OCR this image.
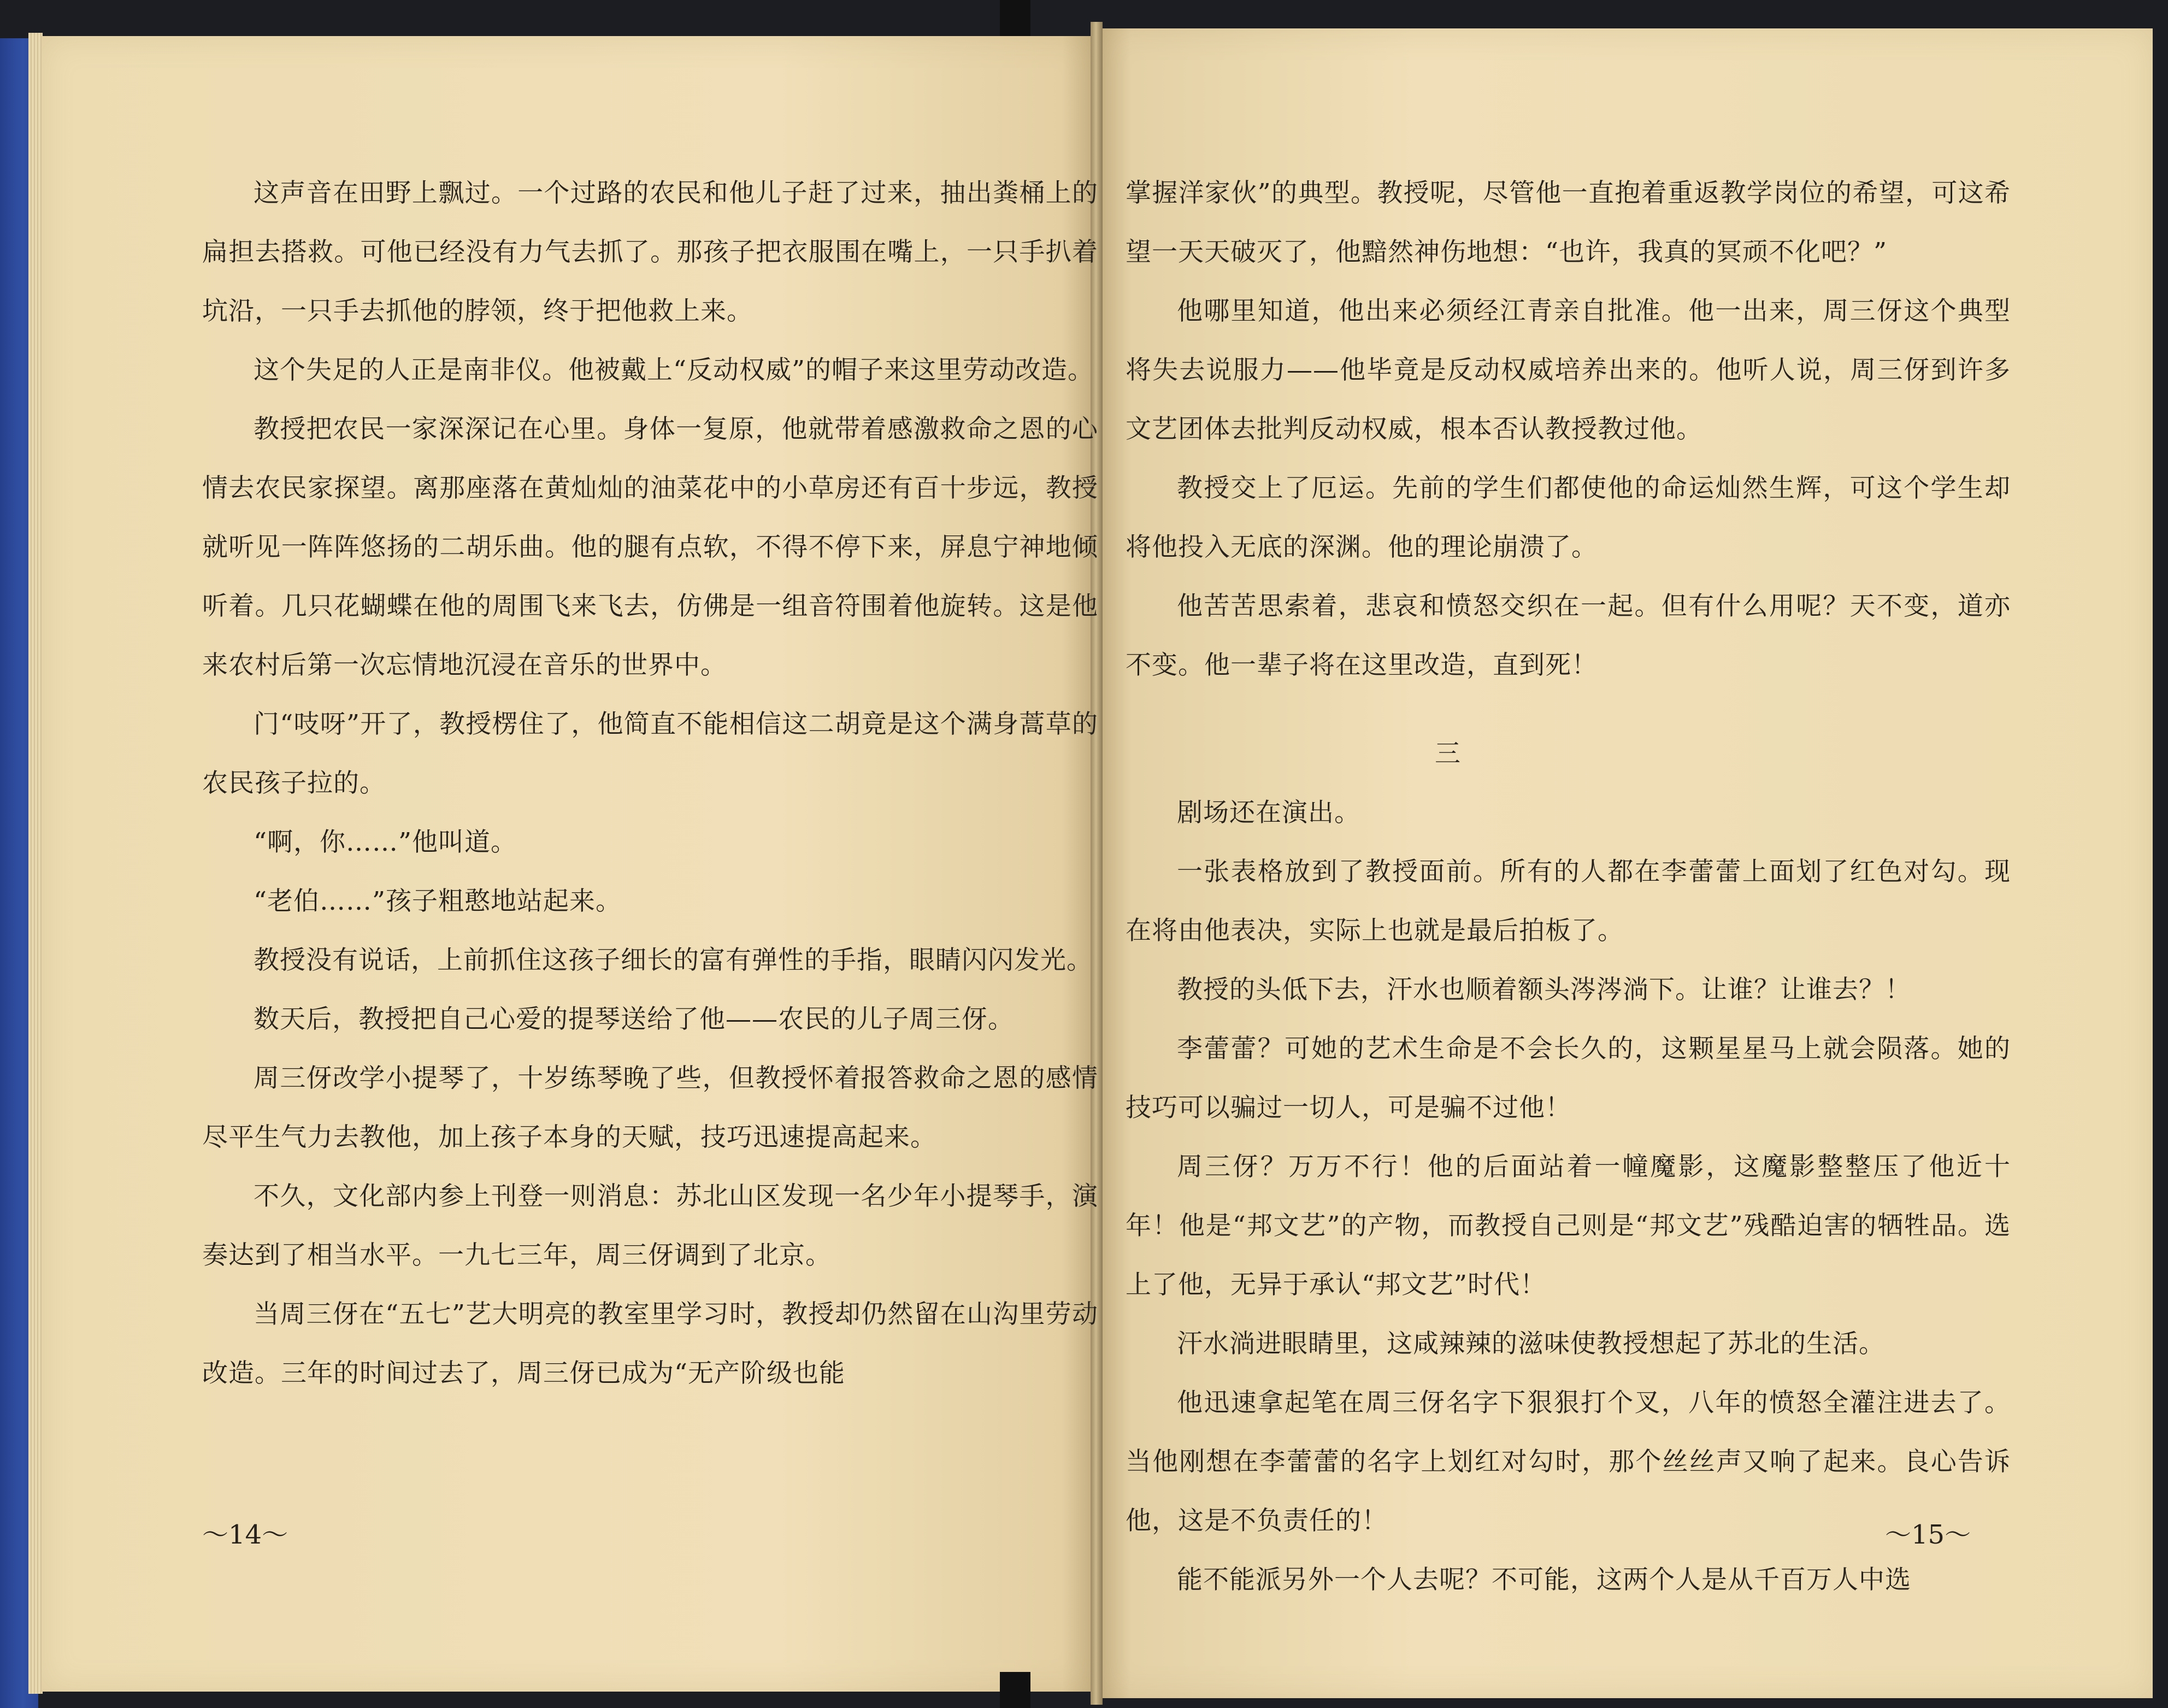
这声音在田野上飘过。一个过路的农民和他儿子赶了过来，抽出粪桶上的扁担去搭救。可他已经没有力气去抓了。那孩子把衣服围在嘴上，一只手扒着坑沿，一只手去抓他的脖领，终于把他救上来。

这个失足的人正是南非仪。他被戴上“反动权威”的帽子来这里劳动改造。

教授把农民一家深深记在心里。身体一复原，他就带着感激救命之恩的心情去农民家探望。离那座落在黄灿灿的油菜花中的小草房还有百十步远，教授就听见一阵阵悠扬的二胡乐曲。他的腿有点软，不得不停下来，屏息宁神地倾听着。几只花蝴蝶在他的周围飞来飞去，仿佛是一组音符围着他旋转。这是他来农村后第一次忘情地沉浸在音乐的世界中。

门“吱呀”开了，教授楞住了，他简直不能相信这二胡竟是这个满身蒿草的农民孩子拉的。

“啊，你……”他叫道。

“老伯……”孩子粗憨地站起来。

教授没有说话，上前抓住这孩子细长的富有弹性的手指，眼睛闪闪发光。

数天后，教授把自己心爱的提琴送给了他——农民的儿子周三伢。

周三伢改学小提琴了，十岁练琴晚了些，但教授怀着报答救命之恩的感情尽平生气力去教他，加上孩子本身的天赋，技巧迅速提高起来。

不久，文化部内参上刊登一则消息：苏北山区发现一名少年小提琴手，演奏达到了相当水平。一九七三年，周三伢调到了北京。

当周三伢在“五七”艺大明亮的教室里学习时，教授却仍然留在山沟里劳动改造。三年的时间过去了，周三伢已成为“无产阶级也能

～14～

掌握洋家伙”的典型。教授呢，尽管他一直抱着重返教学岗位的希望，可这希望一天天破灭了，他黯然神伤地想：“也许，我真的冥顽不化吧？”

他哪里知道，他出来必须经江青亲自批准。他一出来，周三伢这个典型将失去说服力——他毕竟是反动权威培养出来的。他听人说，周三伢到许多文艺团体去批判反动权威，根本否认教授教过他。

教授交上了厄运。先前的学生们都使他的命运灿然生辉，可这个学生却将他投入无底的深渊。他的理论崩溃了。

他苦苦思索着，悲哀和愤怒交织在一起。但有什么用呢？天不变，道亦不变。他一辈子将在这里改造，直到死！

三

剧场还在演出。

一张表格放到了教授面前。所有的人都在李蕾蕾上面划了红色对勾。现在将由他表决，实际上也就是最后拍板了。

教授的头低下去，汗水也顺着额头涔涔淌下。让谁？让谁去？！

李蕾蕾？可她的艺术生命是不会长久的，这颗星星马上就会陨落。她的技巧可以骗过一切人，可是骗不过他！

周三伢？万万不行！他的后面站着一幢魔影，这魔影整整压了他近十年！他是“邦文艺”的产物，而教授自己则是“邦文艺”残酷迫害的牺牲品。选上了他，无异于承认“邦文艺”时代！

汗水淌进眼睛里，这咸辣辣的滋味使教授想起了苏北的生活。

他迅速拿起笔在周三伢名字下狠狠打个叉，八年的愤怒全灌注进去了。当他刚想在李蕾蕾的名字上划红对勾时，那个丝丝声又响了起来。良心告诉他，这是不负责任的！

能不能派另外一个人去呢？不可能，这两个人是从千百万人中选

～15～
